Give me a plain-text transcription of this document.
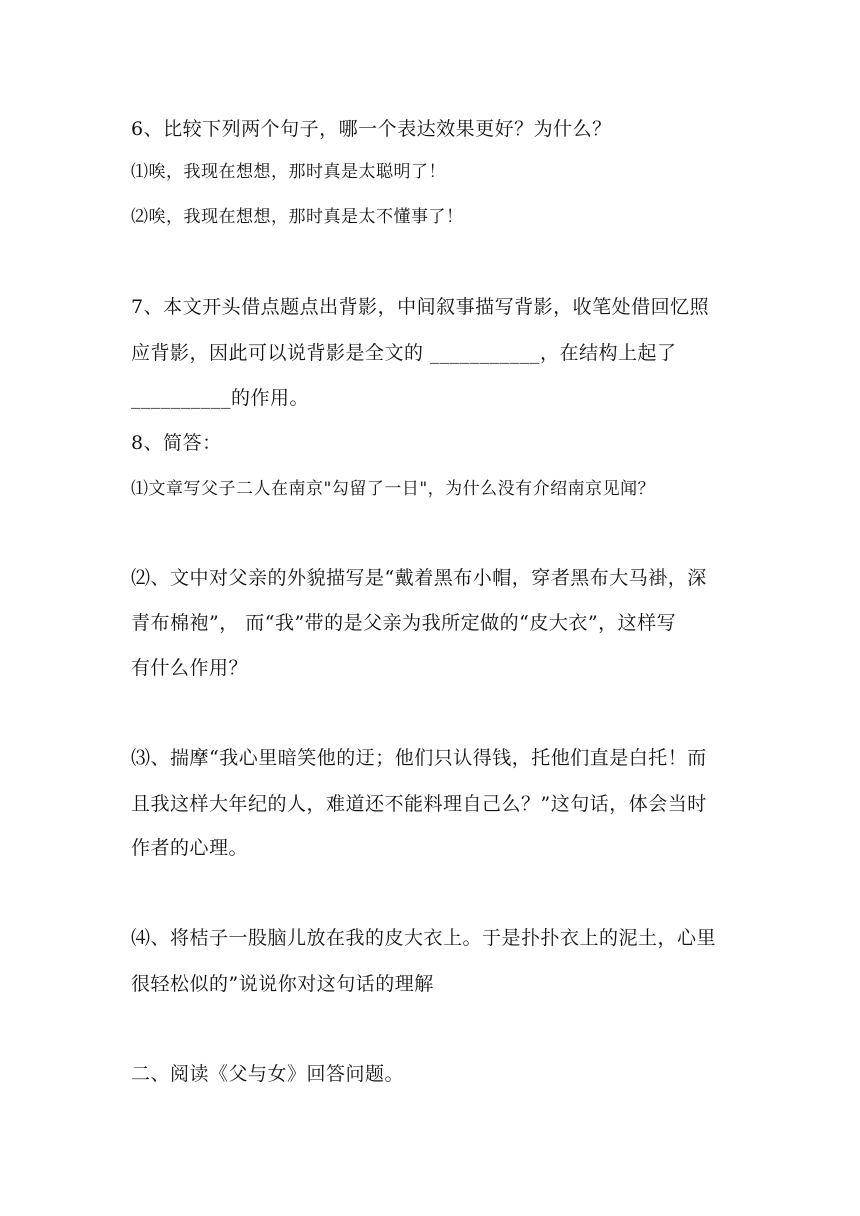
6、比较下列两个句子，哪一个表达效果更好？为什么？
⑴唉，我现在想想，那时真是太聪明了！
⑵唉，我现在想想，那时真是太不懂事了！
7、本文开头借点题点出背影，中间叙事描写背影，收笔处借回忆照
应背影，因此可以说背影是全文的 ___________，在结构上起了
__________的作用。
8、简答：
⑴文章写父子二人在南京"勾留了一日"，为什么没有介绍南京见闻？
⑵、文中对父亲的外貌描写是“戴着黑布小帽，穿者黑布大马褂，深
青布棉袍”， 而“我”带的是父亲为我所定做的“皮大衣”，这样写
有什么作用？
⑶、揣摩“我心里暗笑他的迂；他们只认得钱，托他们直是白托！而
且我这样大年纪的人，难道还不能料理自己么？”这句话，体会当时
作者的心理。
⑷、将桔子一股脑儿放在我的皮大衣上。于是扑扑衣上的泥土，心里
很轻松似的”说说你对这句话的理解
二、阅读《父与女》回答问题。
